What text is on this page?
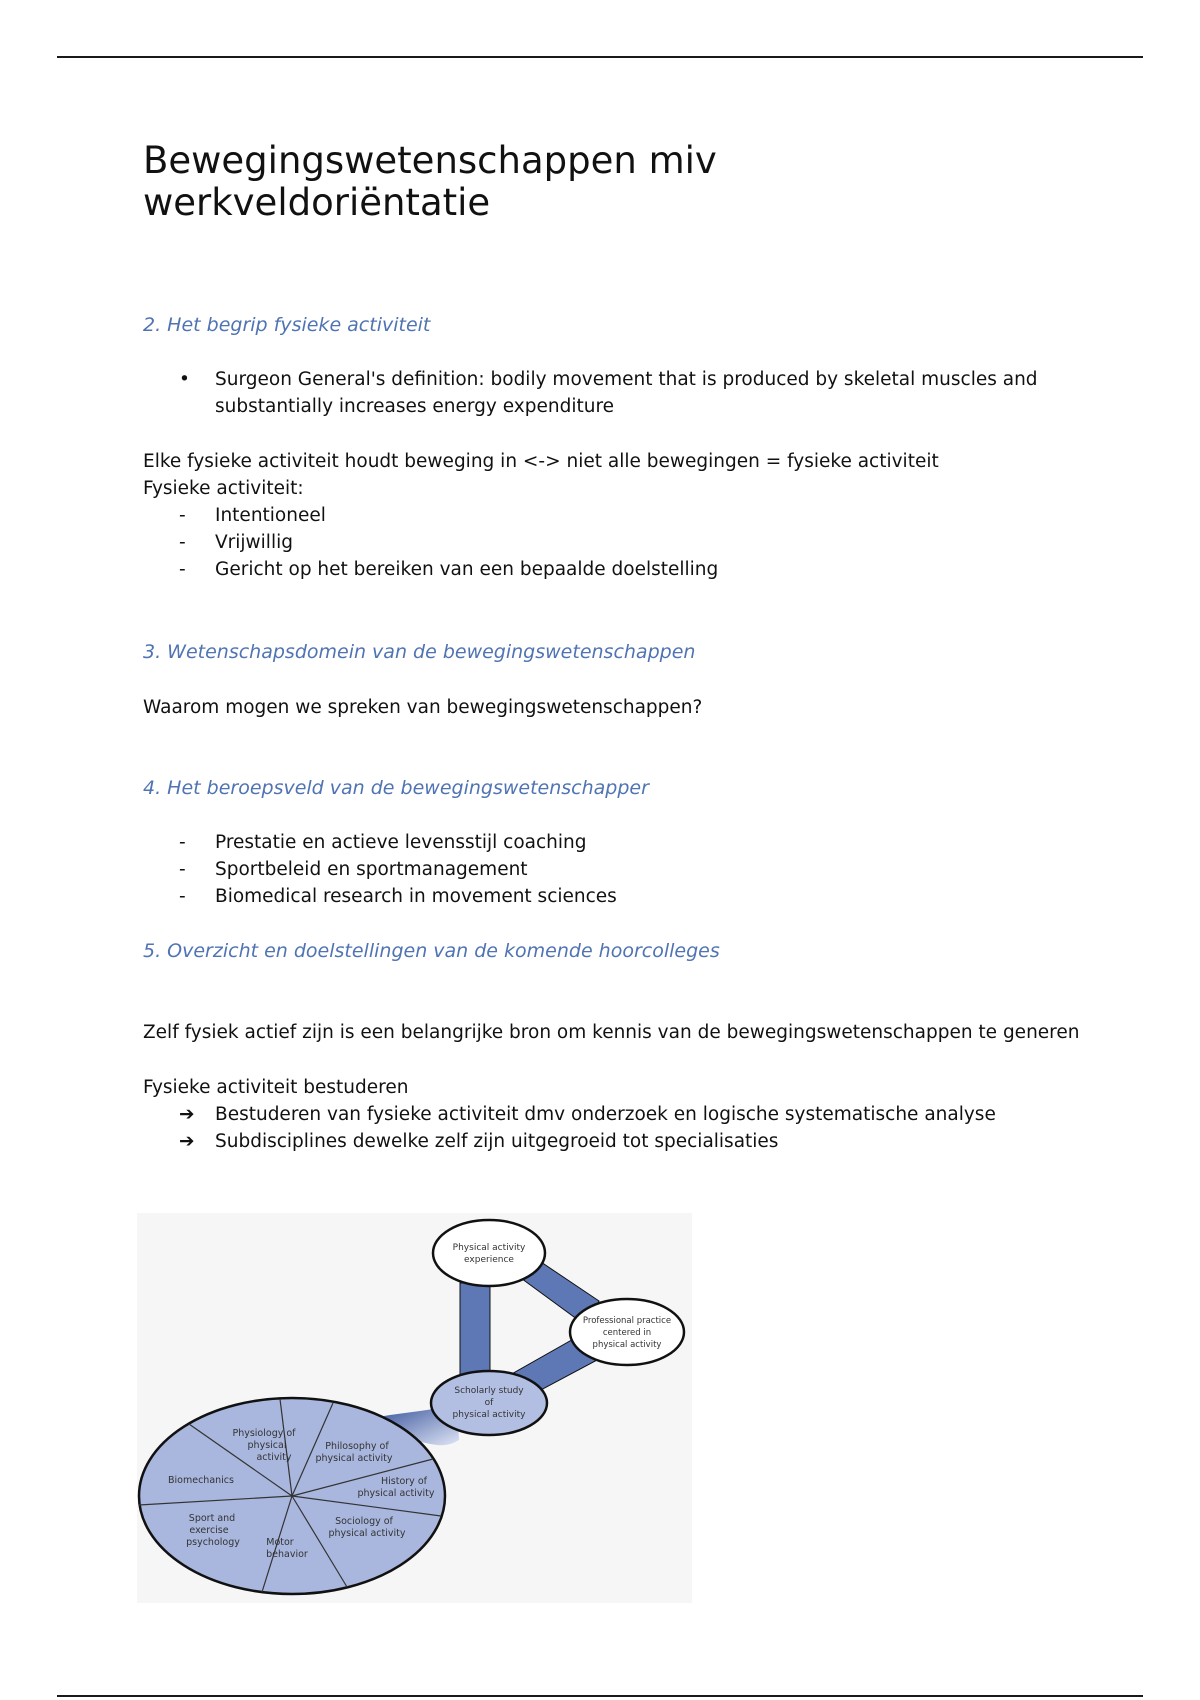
Bewegingswetenschappen miv
werkveldoriëntatie
2. Het begrip fysieke activiteit
•	Surgeon General's definition: bodily movement that is produced by skeletal muscles and
substantially increases energy expenditure

Elke fysieke activiteit houdt beweging in <-> niet alle bewegingen = fysieke activiteit

Fysieke activiteit:

-	Intentioneel
-	Vrijwillig
-	Gericht op het bereiken van een bepaalde doelstelling
3. Wetenschapsdomein van de bewegingswetenschappen

Waarom mogen we spreken van bewegingswetenschappen?

4. Het beroepsveld van de bewegingswetenschapper
-	Prestatie en actieve levensstijl coaching
-	Sportbeleid en sportmanagement
-	Biomedical research in movement sciences
5. Overzicht en doelstellingen van de komende hoorcolleges

Zelf fysiek actief zijn is een belangrijke bron om kennis van de bewegingswetenschappen te generen

Fysieke activiteit bestuderen

➔	Bestuderen van fysieke activiteit dmv onderzoek en logische systematische analyse
➔	Subdisciplines dewelke zelf zijn uitgegroeid tot specialisaties
Physiology of physical activity
Philosophy of physical activity
History of physical activity
Sociology of physical activity
Motor behavior
Sport and exercise psychology
Biomechanics
Physical activity experience
Professional practice centered in physical activity
Scholarly study of physical activity
